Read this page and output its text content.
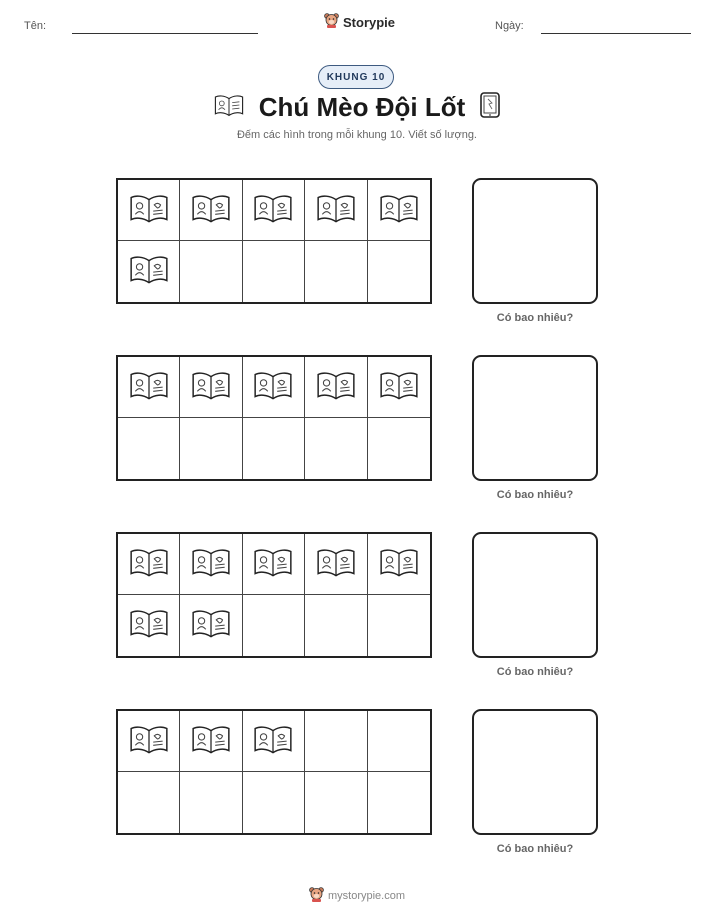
Tên:	Ngày:
Storypie
KHUNG 10
Chú Mèo Đội Lốt
Đếm các hình trong mỗi khung 10. Viết số lượng.
Có bao nhiêu?
Có bao nhiêu?
Có bao nhiêu?
Có bao nhiêu?
mystorypie.com
